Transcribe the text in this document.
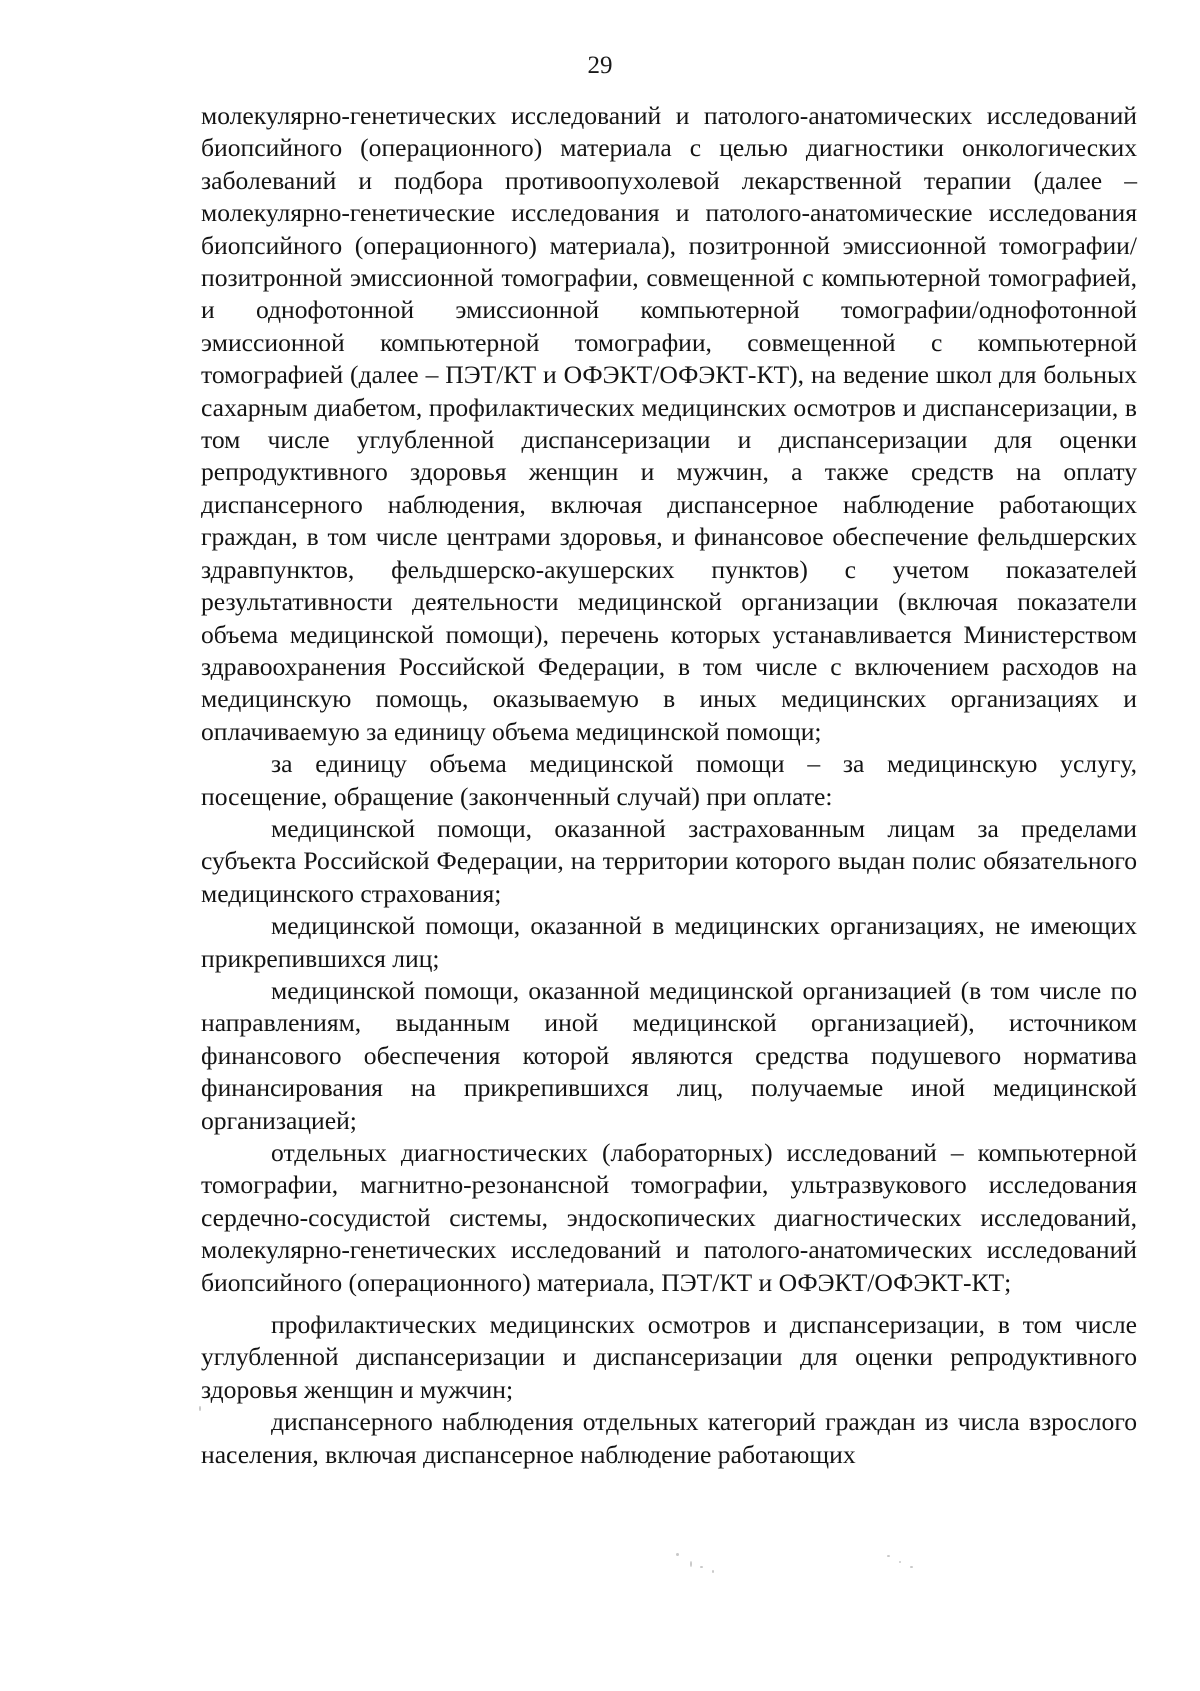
29

молекулярно-генетических исследований и патолого-анатомических исследований биопсийного (операционного) материала с целью диагностики онкологических заболеваний и подбора противоопухолевой лекарственной терапии (далее – молекулярно-генетические исследования и патолого-анатомические исследования биопсийного (операционного) материала), позитронной эмиссионной томографии/позитронной эмиссионной томографии, совмещенной с компьютерной томографией, и однофотонной эмиссионной компьютерной томографии/однофотонной эмиссионной компьютерной томографии, совмещенной с компьютерной томографией (далее – ПЭТ/КТ и ОФЭКТ/ОФЭКТ-КТ), на ведение школ для больных сахарным диабетом, профилактических медицинских осмотров и диспансеризации, в том числе углубленной диспансеризации и диспансеризации для оценки репродуктивного здоровья женщин и мужчин, а также средств на оплату диспансерного наблюдения, включая диспансерное наблюдение работающих граждан, в том числе центрами здоровья, и финансовое обеспечение фельдшерских здравпунктов, фельдшерско-акушерских пунктов) с учетом показателей результативности деятельности медицинской организации (включая показатели объема медицинской помощи), перечень которых устанавливается Министерством здравоохранения Российской Федерации, в том числе с включением расходов на медицинскую помощь, оказываемую в иных медицинских организациях и оплачиваемую за единицу объема медицинской помощи;

за единицу объема медицинской помощи – за медицинскую услугу, посещение, обращение (законченный случай) при оплате:

медицинской помощи, оказанной застрахованным лицам за пределами субъекта Российской Федерации, на территории которого выдан полис обязательного медицинского страхования;

медицинской помощи, оказанной в медицинских организациях, не имеющих прикрепившихся лиц;

медицинской помощи, оказанной медицинской организацией (в том числе по направлениям, выданным иной медицинской организацией), источником финансового обеспечения которой являются средства подушевого норматива финансирования на прикрепившихся лиц, получаемые иной медицинской организацией;

отдельных диагностических (лабораторных) исследований – компьютерной томографии, магнитно-резонансной томографии, ультразвукового исследования сердечно-сосудистой системы, эндоскопических диагностических исследований, молекулярно-генетических исследований и патолого-анатомических исследований биопсийного (операционного) материала, ПЭТ/КТ и ОФЭКТ/ОФЭКТ-КТ;

профилактических медицинских осмотров и диспансеризации, в том числе углубленной диспансеризации и диспансеризации для оценки репродуктивного здоровья женщин и мужчин;

диспансерного наблюдения отдельных категорий граждан из числа взрослого населения, включая диспансерное наблюдение работающих
